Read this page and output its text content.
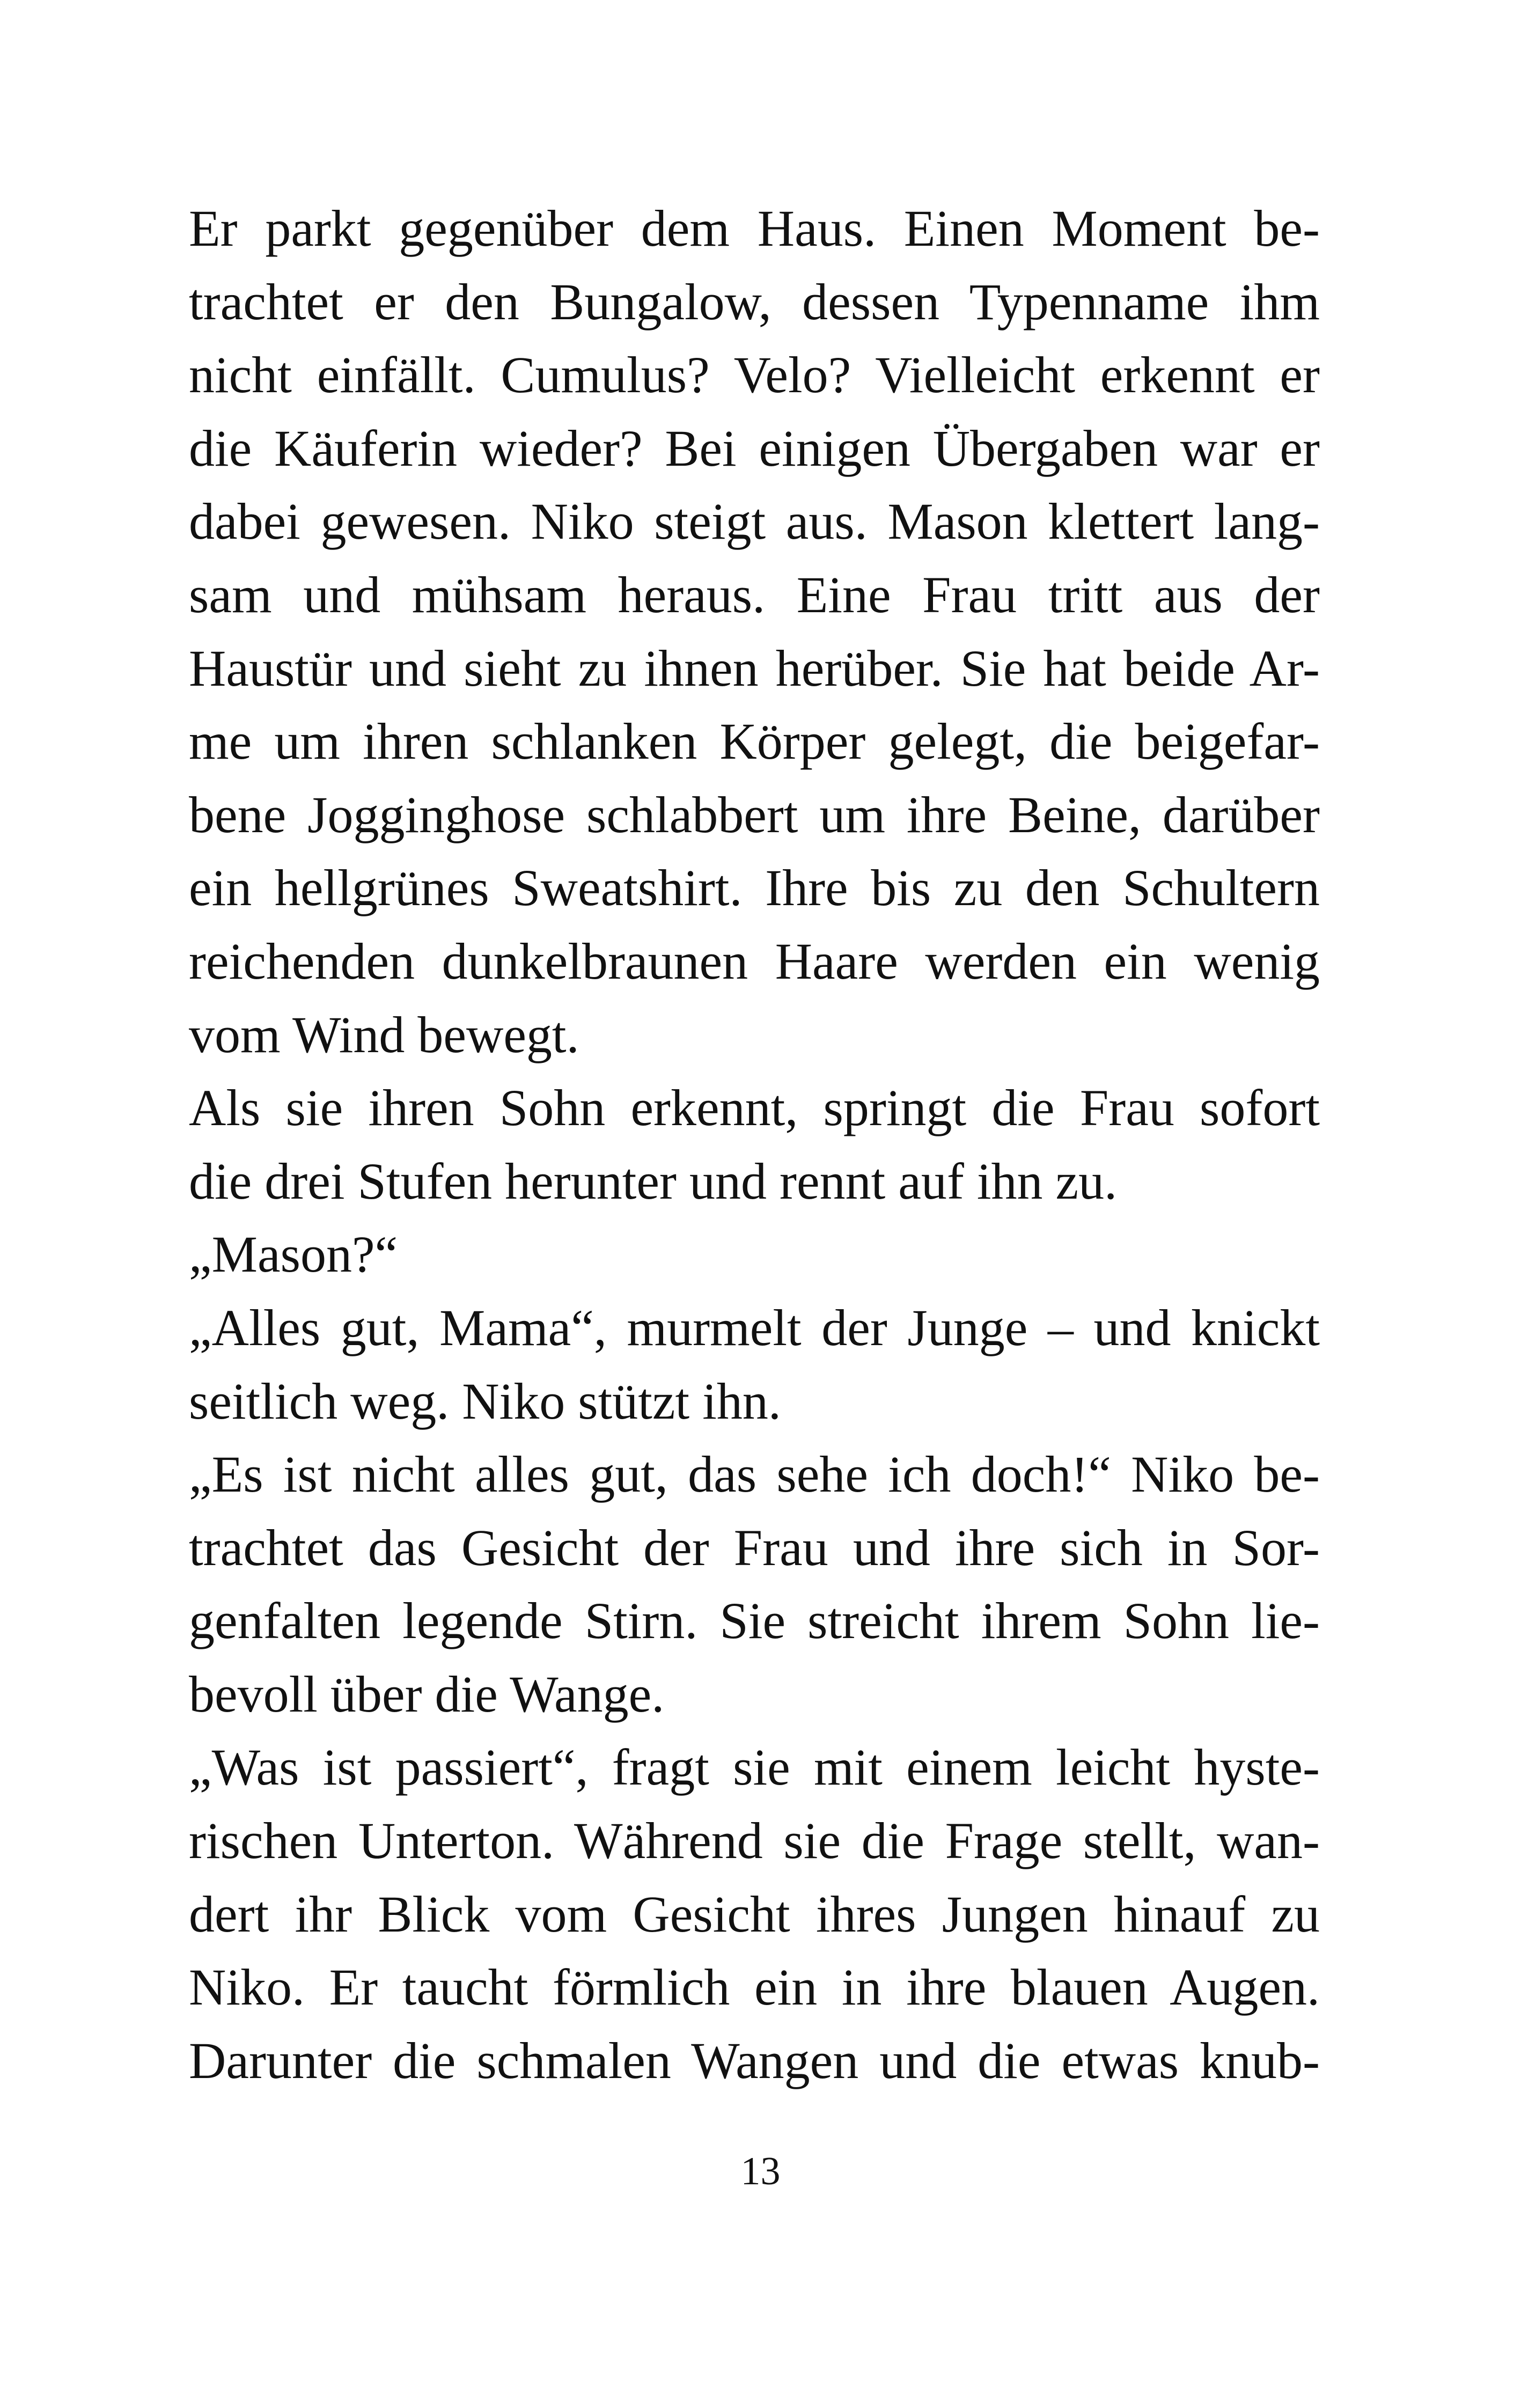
Er parkt gegenüber dem Haus. Einen Moment be-
trachtet er den Bungalow, dessen Typenname ihm
nicht einfällt. Cumulus? Velo? Vielleicht erkennt er
die Käuferin wieder? Bei einigen Übergaben war er
dabei gewesen. Niko steigt aus. Mason klettert lang-
sam und mühsam heraus. Eine Frau tritt aus der
Haustür und sieht zu ihnen herüber. Sie hat beide Ar-
me um ihren schlanken Körper gelegt, die beigefar-
bene Jogginghose schlabbert um ihre Beine, darüber
ein hellgrünes Sweatshirt. Ihre bis zu den Schultern
reichenden dunkelbraunen Haare werden ein wenig
vom Wind bewegt.
Als sie ihren Sohn erkennt, springt die Frau sofort
die drei Stufen herunter und rennt auf ihn zu.
„Mason?“
„Alles gut, Mama“, murmelt der Junge – und knickt
seitlich weg. Niko stützt ihn.
„Es ist nicht alles gut, das sehe ich doch!“ Niko be-
trachtet das Gesicht der Frau und ihre sich in Sor-
genfalten legende Stirn. Sie streicht ihrem Sohn lie-
bevoll über die Wange.
„Was ist passiert“, fragt sie mit einem leicht hyste-
rischen Unterton. Während sie die Frage stellt, wan-
dert ihr Blick vom Gesicht ihres Jungen hinauf zu
Niko. Er taucht förmlich ein in ihre blauen Augen.
Darunter die schmalen Wangen und die etwas knub-
13
